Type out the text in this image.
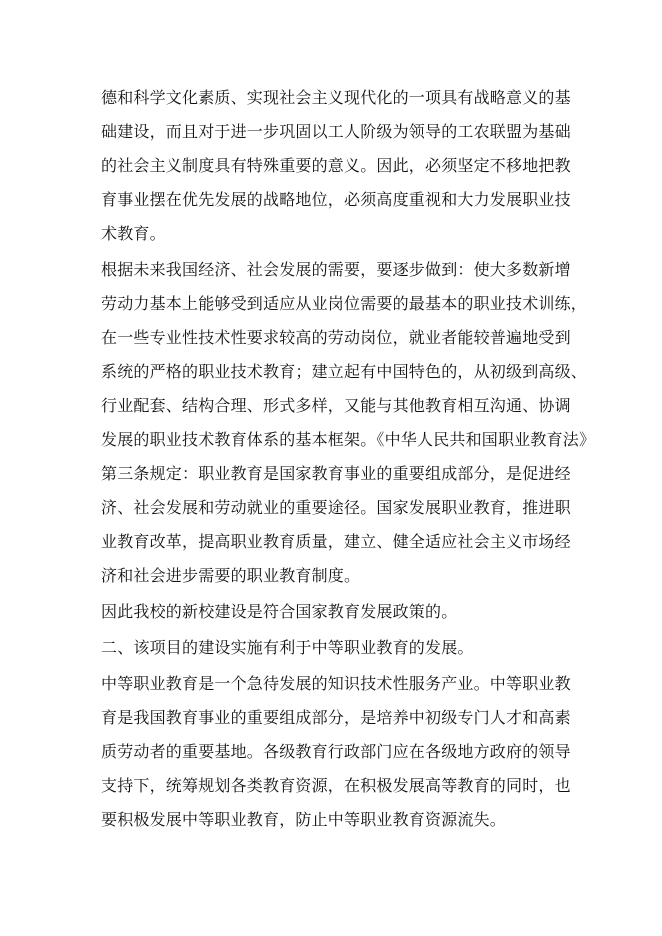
德和科学文化素质、实现社会主义现代化的一项具有战略意义的基
础建设，而且对于进一步巩固以工人阶级为领导的工农联盟为基础
的社会主义制度具有特殊重要的意义。因此，必须坚定不移地把教
育事业摆在优先发展的战略地位，必须高度重视和大力发展职业技
术教育。
根据未来我国经济、社会发展的需要，要逐步做到：使大多数新增
劳动力基本上能够受到适应从业岗位需要的最基本的职业技术训练，
在一些专业性技术性要求较高的劳动岗位，就业者能较普遍地受到
系统的严格的职业技术教育；建立起有中国特色的，从初级到高级、
行业配套、结构合理、形式多样，又能与其他教育相互沟通、协调
发展的职业技术教育体系的基本框架。《中华人民共和国职业教育法》
第三条规定：职业教育是国家教育事业的重要组成部分，是促进经
济、社会发展和劳动就业的重要途径。国家发展职业教育，推进职
业教育改革，提高职业教育质量，建立、健全适应社会主义市场经
济和社会进步需要的职业教育制度。
因此我校的新校建设是符合国家教育发展政策的。
二、该项目的建设实施有利于中等职业教育的发展。
中等职业教育是一个急待发展的知识技术性服务产业。中等职业教
育是我国教育事业的重要组成部分，是培养中初级专门人才和高素
质劳动者的重要基地。各级教育行政部门应在各级地方政府的领导
支持下，统筹规划各类教育资源，在积极发展高等教育的同时，也
要积极发展中等职业教育，防止中等职业教育资源流失。
